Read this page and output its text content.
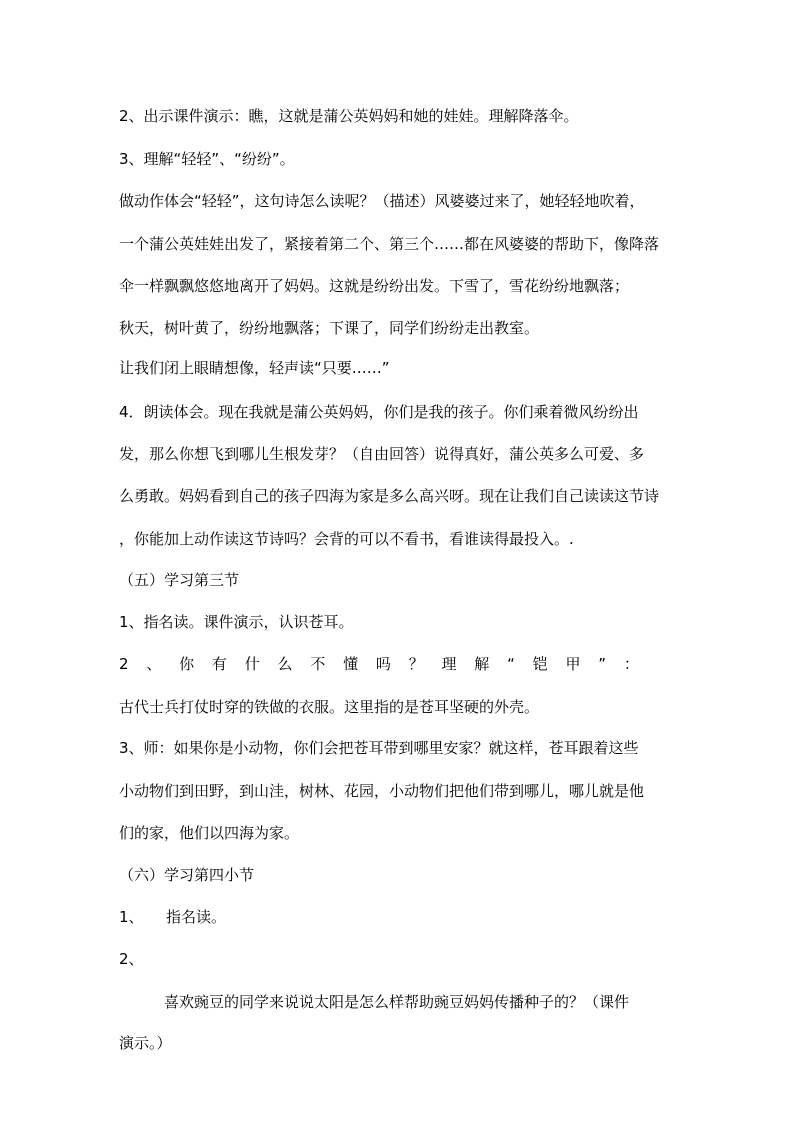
2、出示课件演示：瞧，这就是蒲公英妈妈和她的娃娃。理解降落伞。
3、理解“轻轻”、“纷纷”。
做动作体会“轻轻”，这句诗怎么读呢？（描述）风婆婆过来了，她轻轻地吹着，
一个蒲公英娃娃出发了，紧接着第二个、第三个……都在风婆婆的帮助下，像降落
伞一样飘飘悠悠地离开了妈妈。这就是纷纷出发。下雪了，雪花纷纷地飘落；
秋天，树叶黄了，纷纷地飘落；下课了，同学们纷纷走出教室。
让我们闭上眼睛想像，轻声读“只要……”
4．朗读体会。现在我就是蒲公英妈妈，你们是我的孩子。你们乘着微风纷纷出
发，那么你想飞到哪儿生根发芽？（自由回答）说得真好，蒲公英多么可爱、多
么勇敢。妈妈看到自己的孩子四海为家是多么高兴呀。现在让我们自己读读这节诗
，你能加上动作读这节诗吗？会背的可以不看书，看谁读得最投入。.
（五）学习第三节
1、指名读。课件演示，认识苍耳。
2 、 你 有 什 么 不 懂 吗 ？ 理 解 “ 铠 甲 ” ：
古代士兵打仗时穿的铁做的衣服。这里指的是苍耳坚硬的外壳。
3、师：如果你是小动物，你们会把苍耳带到哪里安家？就这样，苍耳跟着这些
小动物们到田野，到山洼，树林、花园，小动物们把他们带到哪儿，哪儿就是他
们的家，他们以四海为家。
（六）学习第四小节
1、　　指名读。
2、
　　　喜欢豌豆的同学来说说太阳是怎么样帮助豌豆妈妈传播种子的？（课件
演示。）
